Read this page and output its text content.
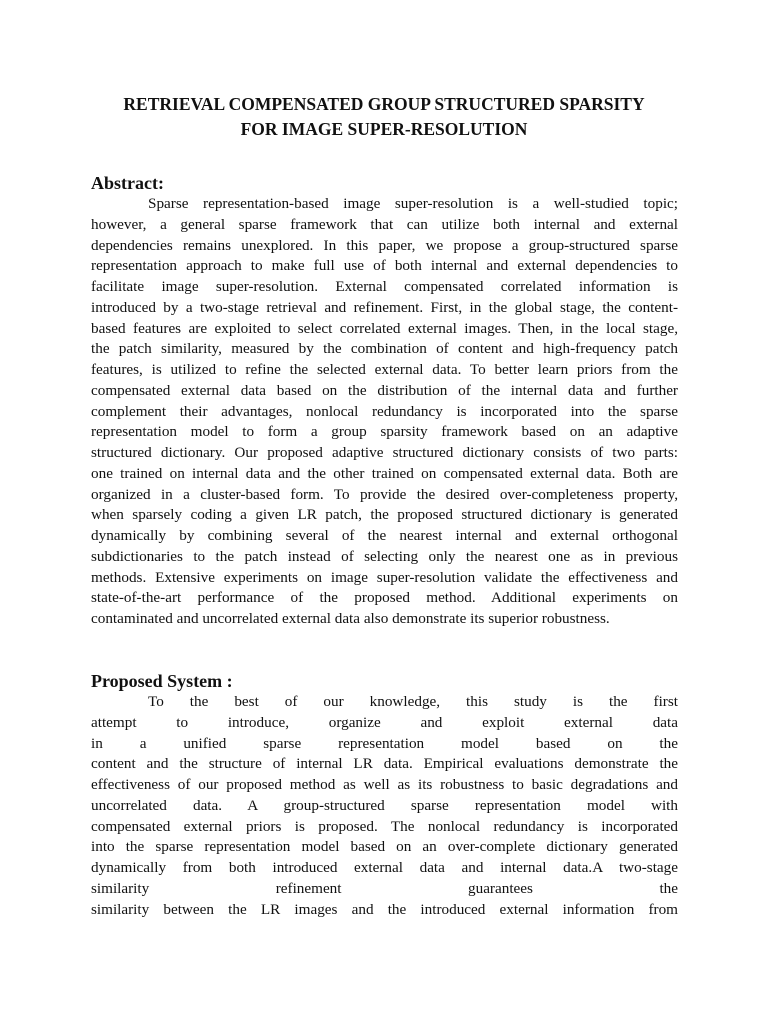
RETRIEVAL COMPENSATED GROUP STRUCTURED SPARSITY
FOR IMAGE SUPER-RESOLUTION
Abstract:
Sparse representation-based image super-resolution is a well-studied topic;
however, a general sparse framework that can utilize both internal and external
dependencies remains unexplored. In this paper, we propose a group-structured sparse
representation approach to make full use of both internal and external dependencies to
facilitate image super-resolution. External compensated correlated information is
introduced by a two-stage retrieval and refinement. First, in the global stage, the content-
based features are exploited to select correlated external images. Then, in the local stage,
the patch similarity, measured by the combination of content and high-frequency patch
features, is utilized to refine the selected external data. To better learn priors from the
compensated external data based on the distribution of the internal data and further
complement their advantages, nonlocal redundancy is incorporated into the sparse
representation model to form a group sparsity framework based on an adaptive
structured dictionary. Our proposed adaptive structured dictionary consists of two parts:
one trained on internal data and the other trained on compensated external data. Both are
organized in a cluster-based form. To provide the desired over-completeness property,
when sparsely coding a given LR patch, the proposed structured dictionary is generated
dynamically by combining several of the nearest internal and external orthogonal
subdictionaries to the patch instead of selecting only the nearest one as in previous
methods. Extensive experiments on image super-resolution validate the effectiveness and
state-of-the-art performance of the proposed method. Additional experiments on
contaminated and uncorrelated external data also demonstrate its superior robustness.
Proposed System :
To the best of our knowledge, this study is the first
attempt to introduce, organize and exploit external data
in a unified sparse representation model based on the
content and the structure of internal LR data. Empirical evaluations demonstrate the
effectiveness of our proposed method as well as its robustness to basic degradations and
uncorrelated data. A group-structured sparse representation model with
compensated external priors is proposed. The nonlocal redundancy is incorporated
into the sparse representation model based on an over-complete dictionary generated
dynamically from both introduced external data and internal data.A two-stage
similarity refinement guarantees the
similarity between the LR images and the introduced external information from
